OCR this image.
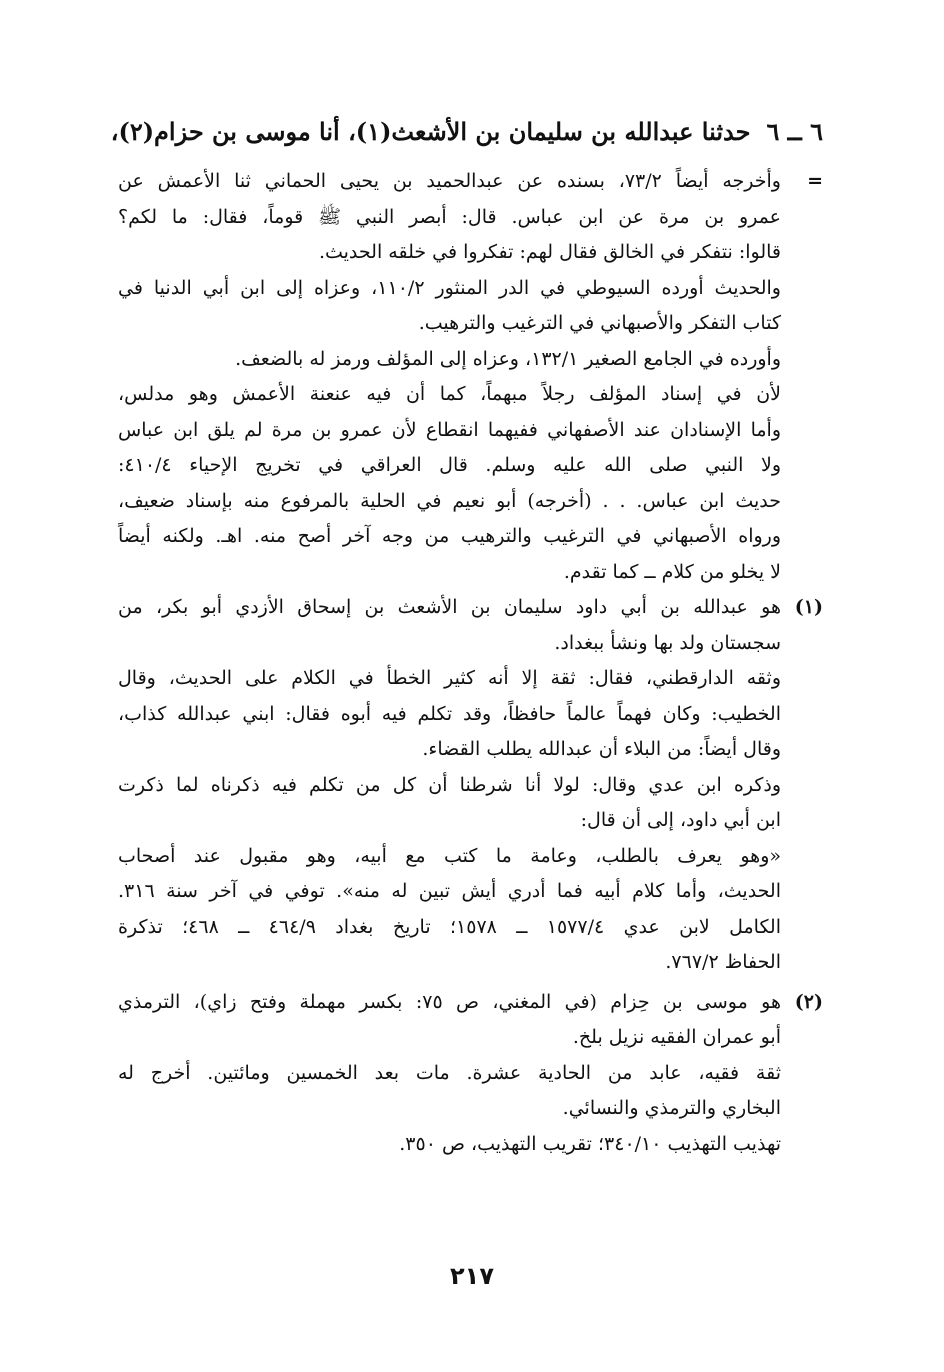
٦ ــ ٦حدثنا عبدالله بن سليمان بن الأشعث(١)، أنا موسى بن حزام(٢)،
=
وأخرجه أيضاً ٧٣/٢، بسنده عن عبدالحميد بن يحيى الحماني ثنا الأعمش عن
عمرو بن مرة عن ابن عباس. قال: أبصر النبي ﷺ قوماً، فقال: ما لكم؟
قالوا: نتفكر في الخالق فقال لهم: تفكروا في خلقه الحديث.
والحديث أورده السيوطي في الدر المنثور ١١٠/٢، وعزاه إلى ابن أبي الدنيا في
كتاب التفكر والأصبهاني في الترغيب والترهيب.
وأورده في الجامع الصغير ١٣٢/١، وعزاه إلى المؤلف ورمز له بالضعف.
لأن في إسناد المؤلف رجلاً مبهماً، كما أن فيه عنعنة الأعمش وهو مدلس،
وأما الإسنادان عند الأصفهاني ففيهما انقطاع لأن عمرو بن مرة لم يلق ابن عباس
ولا النبي صلى الله عليه وسلم. قال العراقي في تخريج الإحياء ٤١٠/٤:
حديث ابن عباس. . . (أخرجه) أبو نعيم في الحلية بالمرفوع منه بإسناد ضعيف،
ورواه الأصبهاني في الترغيب والترهيب من وجه آخر أصح منه. اهـ. ولكنه أيضاً
لا يخلو من كلام ــ كما تقدم.
(١)
هو عبدالله بن أبي داود سليمان بن الأشعث بن إسحاق الأزدي أبو بكر، من
سجستان ولد بها ونشأ ببغداد.
وثقه الدارقطني، فقال: ثقة إلا أنه كثير الخطأ في الكلام على الحديث، وقال
الخطيب: وكان فهماً عالماً حافظاً، وقد تكلم فيه أبوه فقال: ابني عبدالله كذاب،
وقال أيضاً: من البلاء أن عبدالله يطلب القضاء.
وذكره ابن عدي وقال: لولا أنا شرطنا أن كل من تكلم فيه ذكرناه لما ذكرت
ابن أبي داود، إلى أن قال:
«وهو يعرف بالطلب، وعامة ما كتب مع أبيه، وهو مقبول عند أصحاب
الحديث، وأما كلام أبيه فما أدري أيش تبين له منه». توفي في آخر سنة ٣١٦.
الكامل لابن عدي ١٥٧٧/٤ ــ ١٥٧٨؛ تاريخ بغداد ٤٦٤/٩ ــ ٤٦٨؛ تذكرة
الحفاظ ٧٦٧/٢.
(٢)
هو موسى بن حِزام (في المغني، ص ٧٥: بكسر مهملة وفتح زاي)، الترمذي
أبو عمران الفقيه نزيل بلخ.
ثقة فقيه، عابد من الحادية عشرة. مات بعد الخمسين ومائتين. أخرج له
البخاري والترمذي والنسائي.
تهذيب التهذيب ٣٤٠/١٠؛ تقريب التهذيب، ص ٣٥٠.
٢١٧
